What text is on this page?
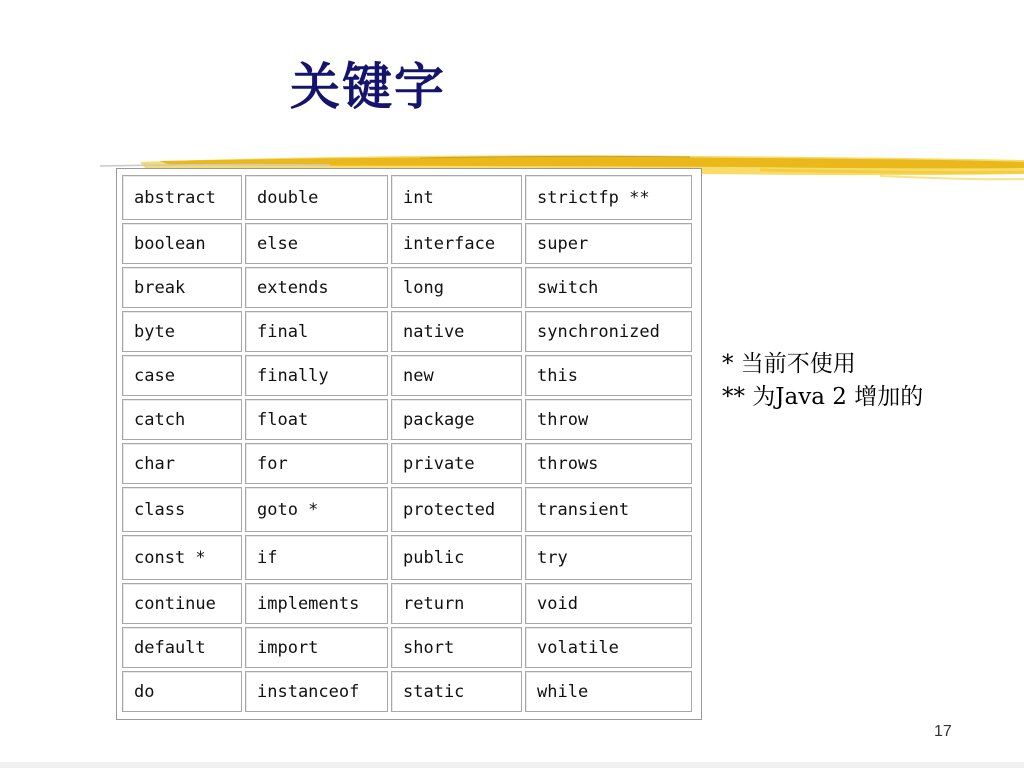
关键字
abstract	double	int	strictfp **
boolean	else	interface	super
break	extends	long	switch
byte	final	native	synchronized
case	finally	new	this
catch	float	package	throw
char	for	private	throws
class	goto *	protected	transient
const *	if	public	try
continue	implements	return	void
default	import	short	volatile
do	instanceof	static	while
* 当前不使用
** 为Java 2 增加的
17
